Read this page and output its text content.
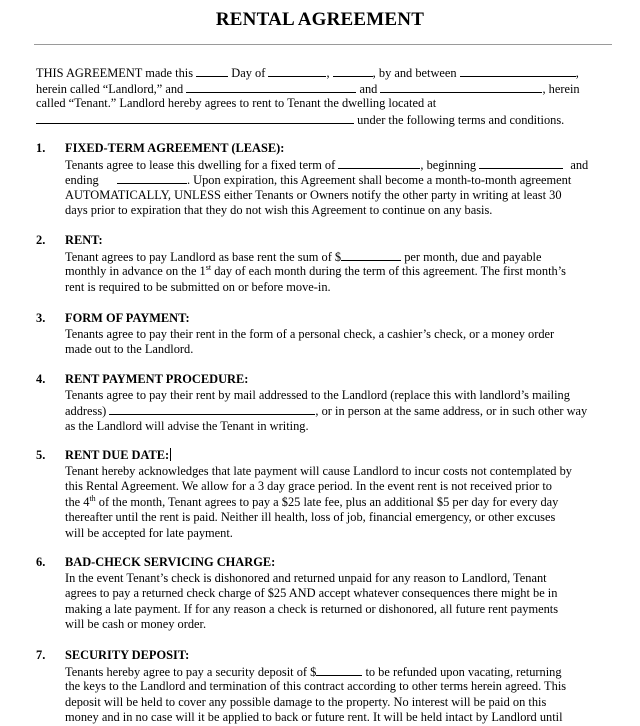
RENTAL AGREEMENT
THIS AGREEMENT made this	Day of	,	, by and between	,
herein called “Landlord,” and	and	, herein
called “Tenant.” Landlord hereby agrees to rent to Tenant the dwelling located at
under the following terms and conditions.
1. FIXED-TERM AGREEMENT (LEASE):
Tenants agree to lease this dwelling for a fixed term of	, beginning	and
ending	. Upon expiration, this Agreement shall become a month-to-month agreement
AUTOMATICALLY, UNLESS either Tenants or Owners notify the other party in writing at least 30
days prior to expiration that they do not wish this Agreement to continue on any basis.
2. RENT:
Tenant agrees to pay Landlord as base rent the sum of $	per month, due and payable
monthly in advance on the 1st day of each month during the term of this agreement. The first month’s
rent is required to be submitted on or before move-in.
3. FORM OF PAYMENT:
Tenants agree to pay their rent in the form of a personal check, a cashier’s check, or a money order
made out to the Landlord.
4. RENT PAYMENT PROCEDURE:
Tenants agree to pay their rent by mail addressed to the Landlord (replace this with landlord’s mailing
address)	, or in person at the same address, or in such other way
as the Landlord will advise the Tenant in writing.
5. RENT DUE DATE:
Tenant hereby acknowledges that late payment will cause Landlord to incur costs not contemplated by
this Rental Agreement. We allow for a 3 day grace period. In the event rent is not received prior to
the 4th of the month, Tenant agrees to pay a $25 late fee, plus an additional $5 per day for every day
thereafter until the rent is paid. Neither ill health, loss of job, financial emergency, or other excuses
will be accepted for late payment.
6. BAD-CHECK SERVICING CHARGE:
In the event Tenant’s check is dishonored and returned unpaid for any reason to Landlord, Tenant
agrees to pay a returned check charge of $25 AND accept whatever consequences there might be in
making a late payment. If for any reason a check is returned or dishonored, all future rent payments
will be cash or money order.
7. SECURITY DEPOSIT:
Tenants hereby agree to pay a security deposit of $	to be refunded upon vacating, returning
the keys to the Landlord and termination of this contract according to other terms herein agreed. This
deposit will be held to cover any possible damage to the property. No interest will be paid on this
money and in no case will it be applied to back or future rent. It will be held intact by Landlord until
